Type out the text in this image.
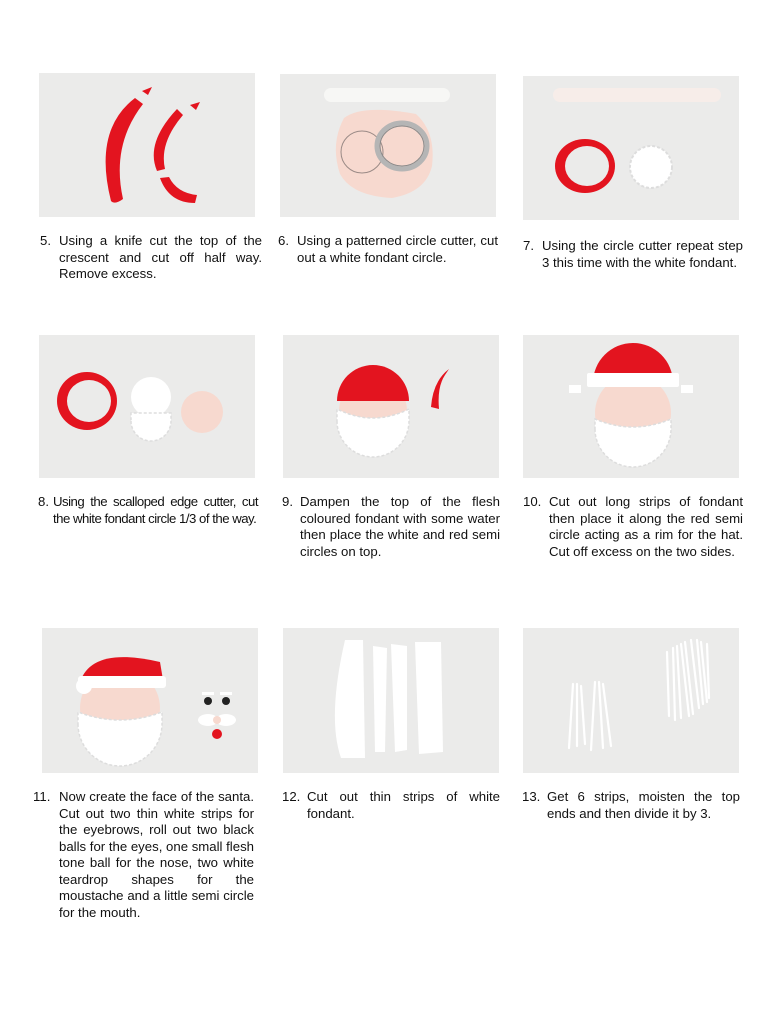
5. Using a knife cut the top of the crescent and cut off half way. Remove excess.
6. Using a patterned circle cutter, cut out a white fondant circle.
7. Using the circle cutter repeat step 3 this time with the white fondant.
8. Using the scalloped edge cutter, cut the white fondant circle 1/3 of the way.
9. Dampen the top of the flesh coloured fondant with some water then place the white and red semi circles on top.
10. Cut out long strips of fondant then place it along the red semi circle acting as a rim for the hat. Cut off excess on the two sides.
11. Now create the face of the santa. Cut out two thin white strips for the eyebrows, roll out two black balls for the eyes, one small flesh tone ball for the nose, two white teardrop shapes for the moustache and a little semi circle for the mouth.
12. Cut out thin strips of white fondant.
13. Get 6 strips, moisten the top ends and then divide it by 3.
